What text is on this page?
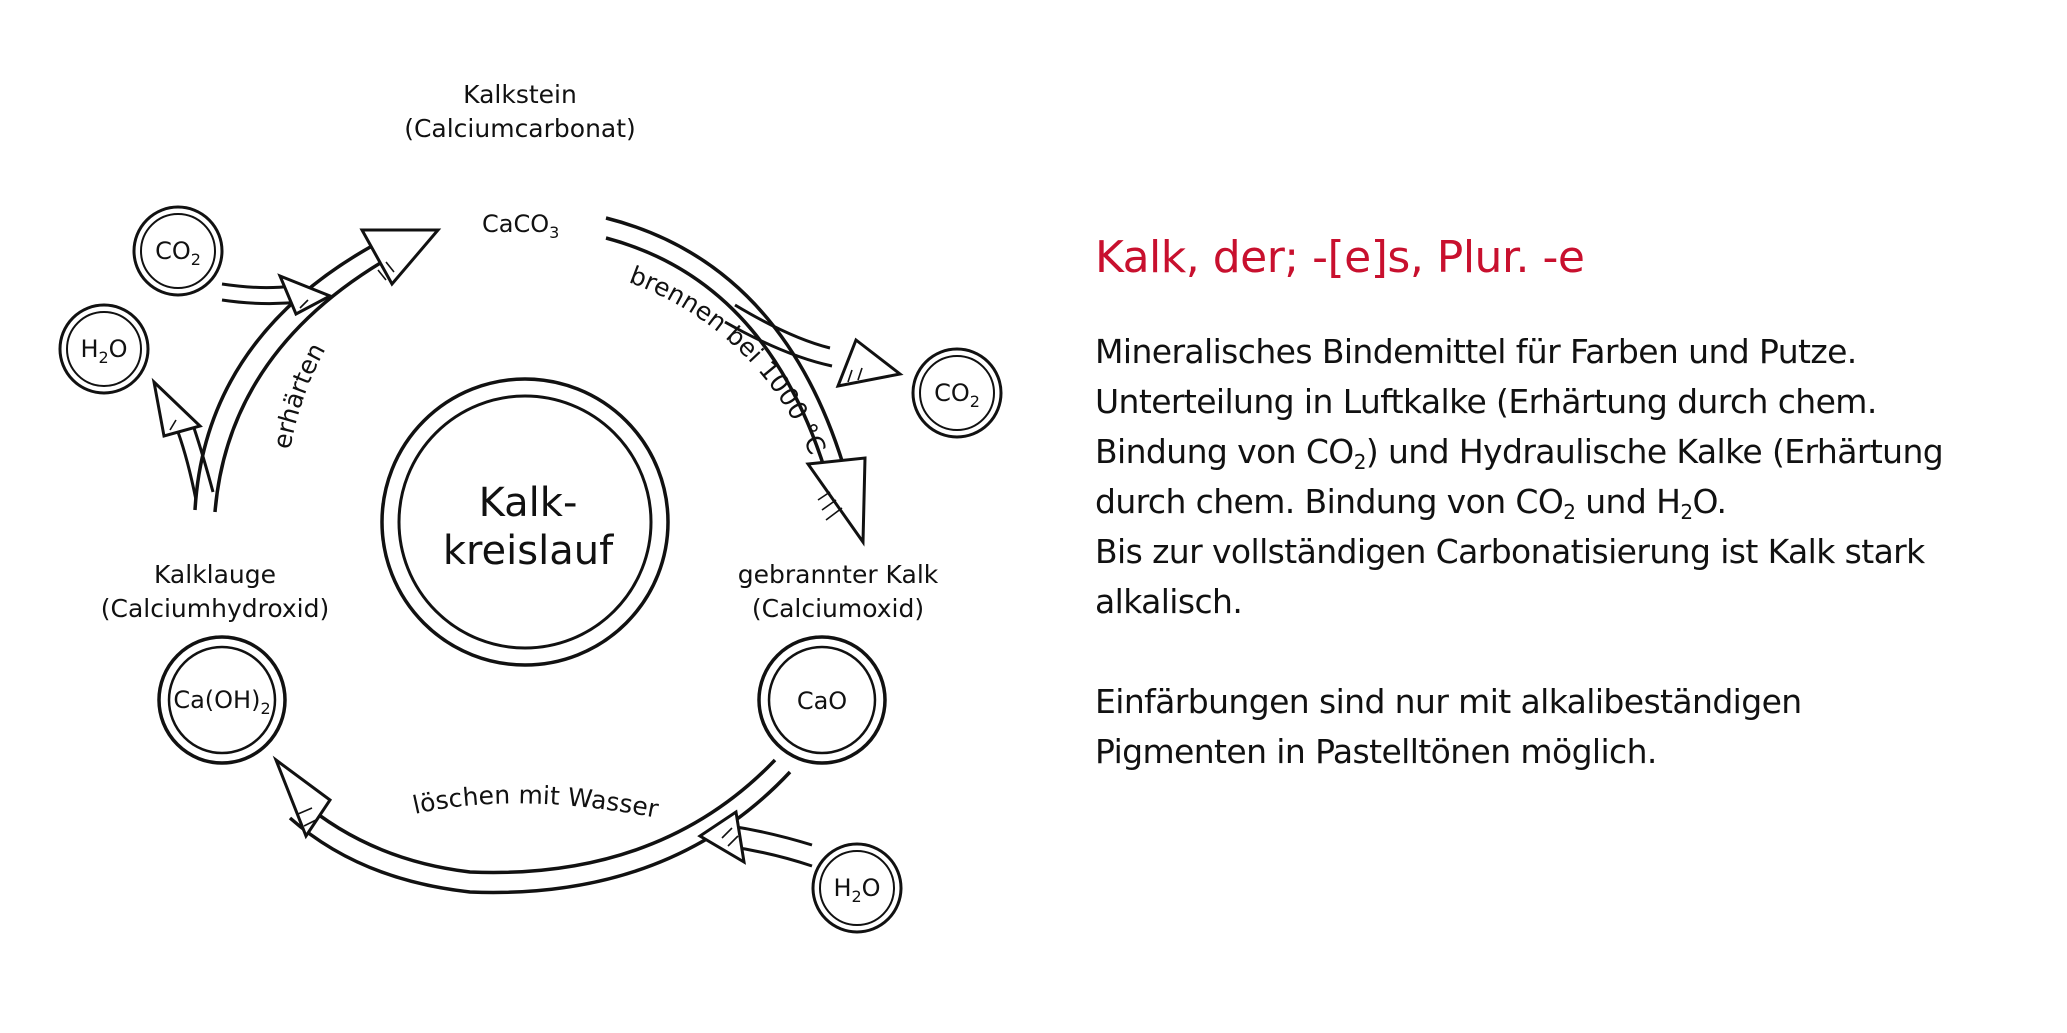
Kalk-
kreislauf
Kalkstein
(Calciumcarbonat)
CaCO$_3$
gebrannter Kalk
(Calciumoxid)
CaO
Kalklauge
(Calciumhydroxid)
$Ca(OH)_2$
$CO_2$
$H_2O$
$CO_2$
$H_2O$
brennen bei 1000 °C
löschen mit Wasser
erhärten
Kalk, der; -[e]s, Plur. -e

Mineralisches Bindemittel für Farben und Putze.
Unterteilung in Luftkalke (Erhärtung durch chem.
Bindung von $CO_2$) und Hydraulische Kalke (Erhärtung
durch chem. Bindung von $CO_2$ und $H_2O$.
Bis zur vollständigen Carbonatisierung ist Kalk stark
alkalisch.

Einfärbungen sind nur mit alkalibeständigen
Pigmenten in Pastelltönen möglich.
